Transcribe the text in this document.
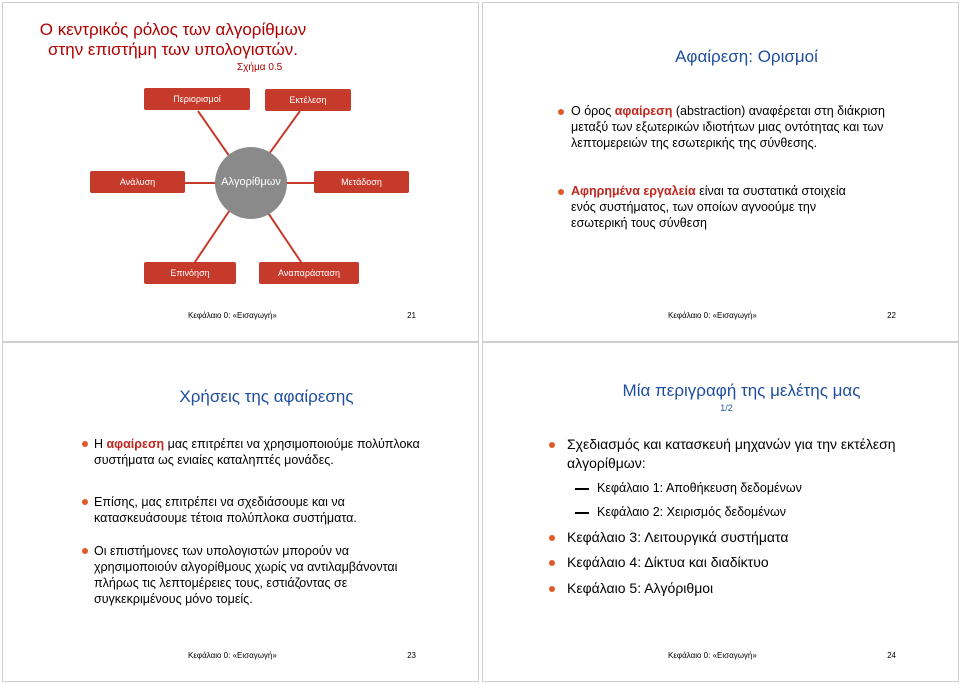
Ο κεντρικός ρόλος των αλγορίθμων
στην επιστήμη των υπολογιστών.
Σχήμα 0.5
Αλγορίθμων
Περιορισμοί	Εκτέλεση
Ανάλυση	Μετάδοση
Επινόηση	Αναπαράσταση
Κεφάλαιο 0: «Εισαγωγή»	21
Αφαίρεση: Ορισμοί
Ο όρος αφαίρεση (abstraction) αναφέρεται στη διάκριση μεταξύ των εξωτερικών ιδιοτήτων μιας οντότητας και των λεπτομερειών της εσωτερικής της σύνθεσης.
Αφηρημένα εργαλεία είναι τα συστατικά στοιχεία ενός συστήματος, των οποίων αγνοούμε την εσωτερική τους σύνθεση
Κεφάλαιο 0: «Εισαγωγή»	22
Χρήσεις της αφαίρεσης
Η αφαίρεση μας επιτρέπει να χρησιμοποιούμε πολύπλοκα συστήματα ως ενιαίες καταληπτές μονάδες.
Επίσης, μας επιτρέπει να σχεδιάσουμε και να κατασκευάσουμε τέτοια πολύπλοκα συστήματα.
Οι επιστήμονες των υπολογιστών μπορούν να χρησιμοποιούν αλγορίθμους χωρίς να αντιλαμβάνονται πλήρως τις λεπτομέρειες τους, εστιάζοντας σε συγκεκριμένους μόνο τομείς.
Κεφάλαιο 0: «Εισαγωγή»	23
Μία περιγραφή της μελέτης μας
1/2
Σχεδιασμός και κατασκευή μηχανών για την εκτέλεση αλγορίθμων:
Κεφάλαιο 1: Αποθήκευση δεδομένων
Κεφάλαιο 2: Χειρισμός δεδομένων
Κεφάλαιο 3: Λειτουργικά συστήματα
Κεφάλαιο 4: Δίκτυα και διαδίκτυο
Κεφάλαιο 5: Αλγόριθμοι
Κεφάλαιο 0: «Εισαγωγή»	24
